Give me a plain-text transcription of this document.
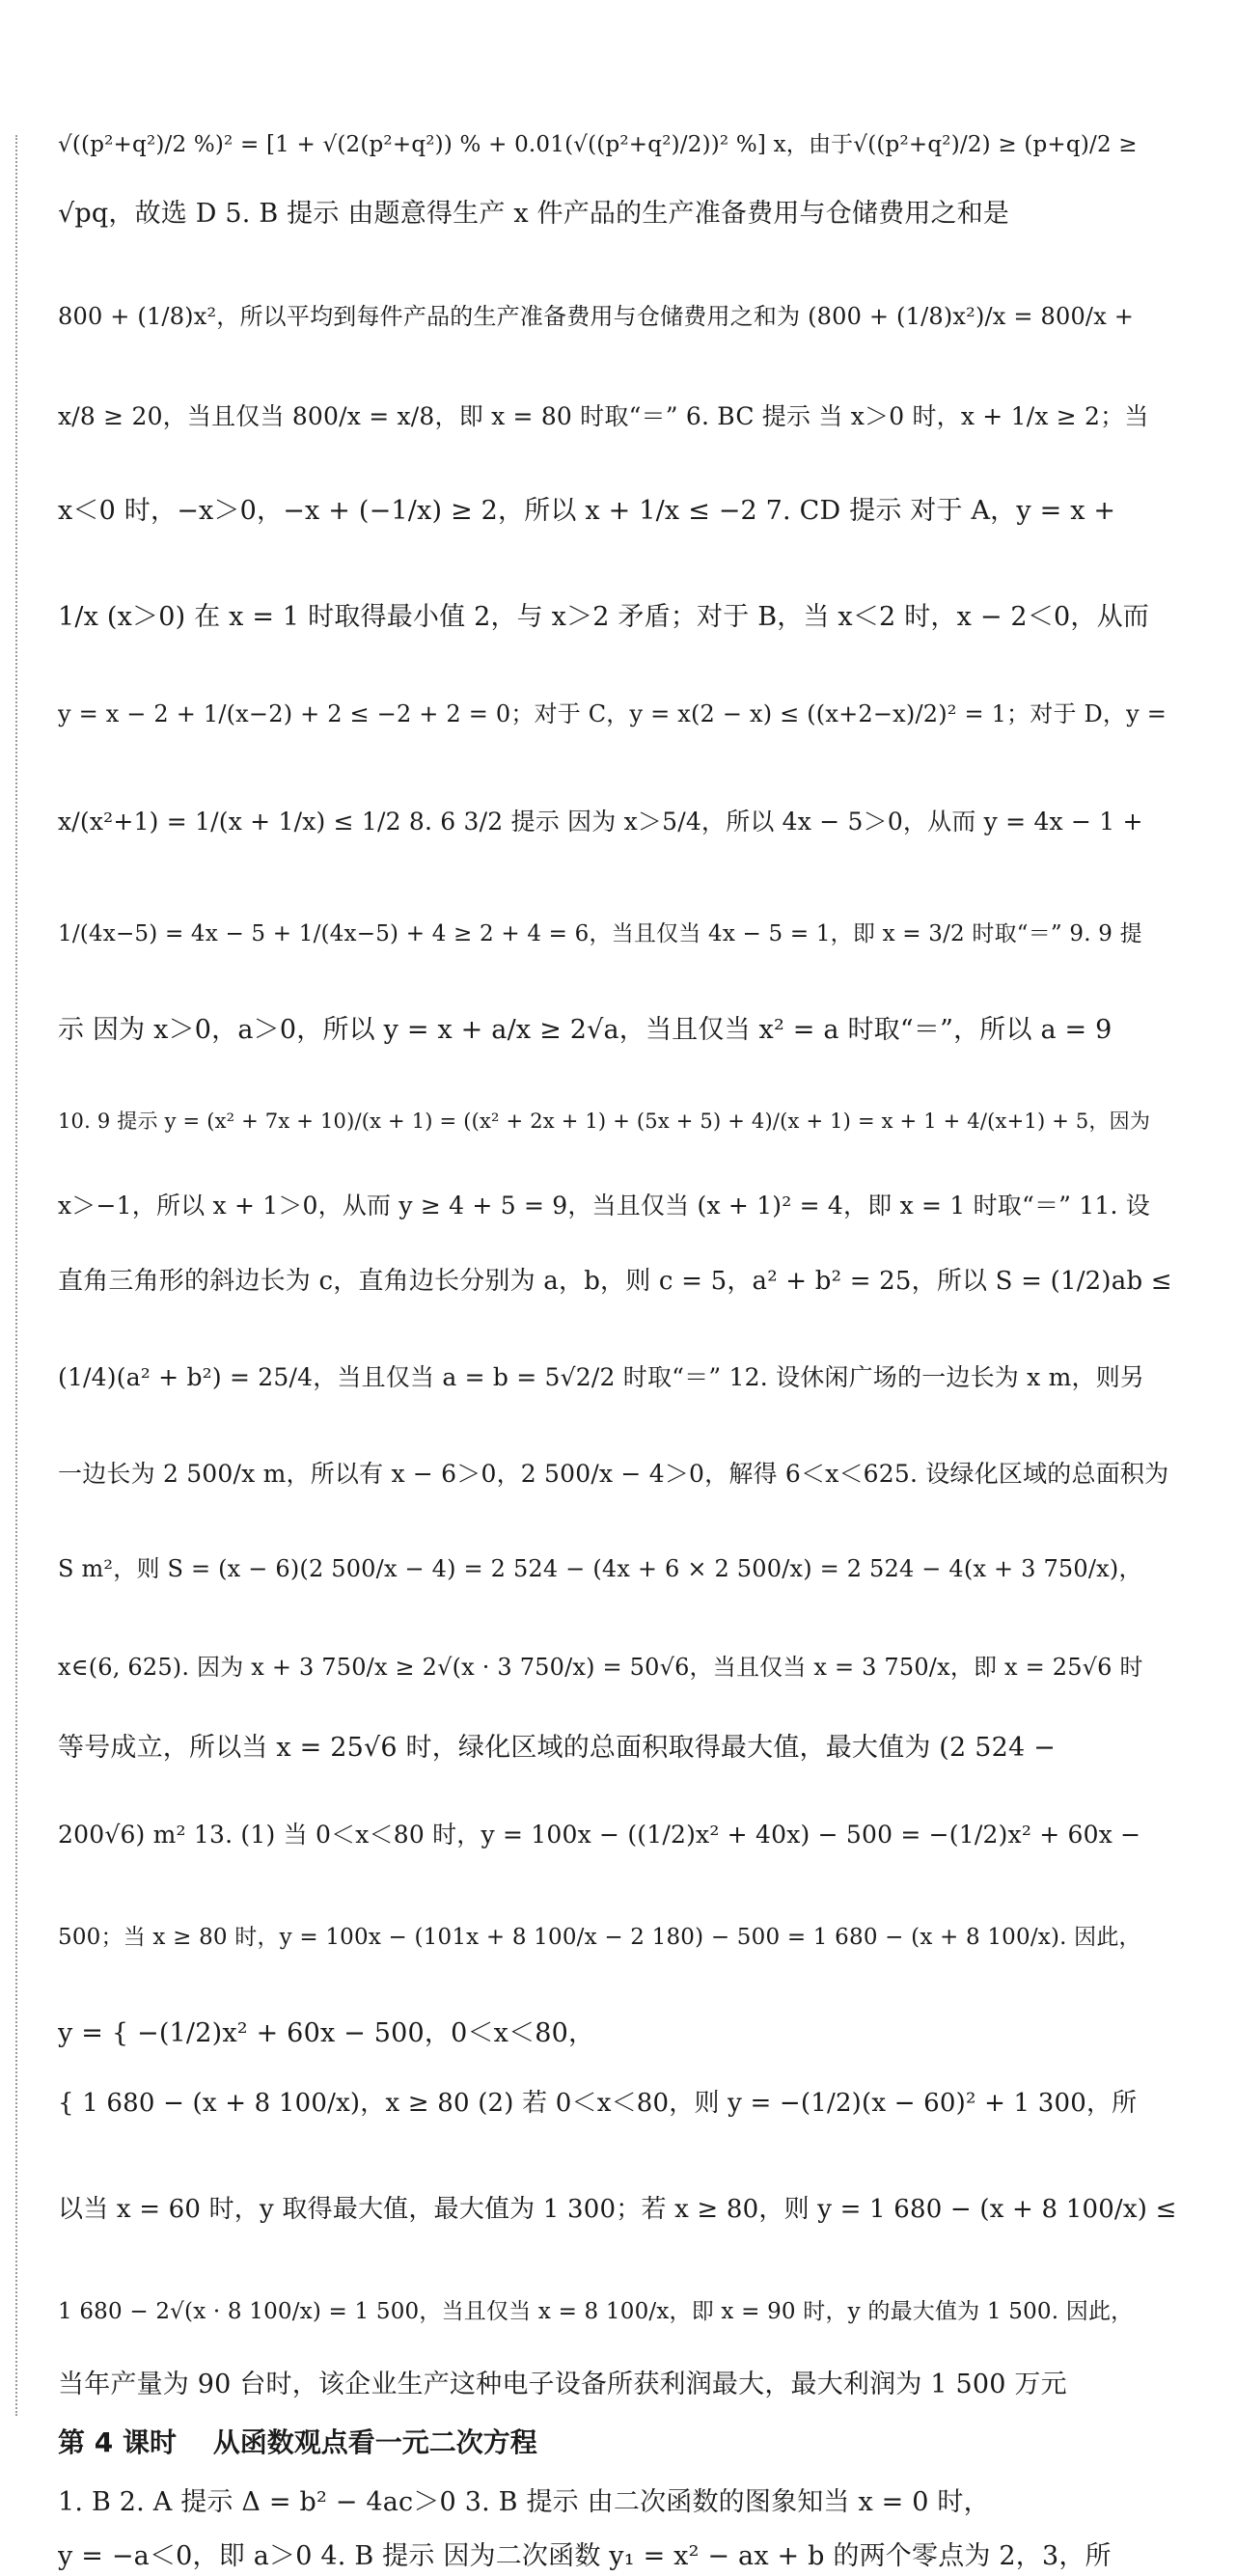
√((p²+q²)/2 %)² = [1 + √(2(p²+q²)) % + 0.01(√((p²+q²)/2))² %] x，由于√((p²+q²)/2) ≥ (p+q)/2 ≥
√pq，故选 D 5. B 提示 由题意得生产 x 件产品的生产准备费用与仓储费用之和是
800 + (1/8)x²，所以平均到每件产品的生产准备费用与仓储费用之和为 (800 + (1/8)x²)/x = 800/x +
x/8 ≥ 20，当且仅当 800/x = x/8，即 x = 80 时取“＝” 6. BC 提示 当 x＞0 时，x + 1/x ≥ 2；当
x＜0 时，−x＞0，−x + (−1/x) ≥ 2，所以 x + 1/x ≤ −2 7. CD 提示 对于 A，y = x +
1/x (x＞0) 在 x = 1 时取得最小值 2，与 x＞2 矛盾；对于 B，当 x＜2 时，x − 2＜0，从而
y = x − 2 + 1/(x−2) + 2 ≤ −2 + 2 = 0；对于 C，y = x(2 − x) ≤ ((x+2−x)/2)² = 1；对于 D，y =
x/(x²+1) = 1/(x + 1/x) ≤ 1/2 8. 6 3/2 提示 因为 x＞5/4，所以 4x − 5＞0，从而 y = 4x − 1 +
1/(4x−5) = 4x − 5 + 1/(4x−5) + 4 ≥ 2 + 4 = 6，当且仅当 4x − 5 = 1，即 x = 3/2 时取“＝” 9. 9 提
示 因为 x＞0，a＞0，所以 y = x + a/x ≥ 2√a，当且仅当 x² = a 时取“＝”，所以 a = 9
10. 9 提示 y = (x² + 7x + 10)/(x + 1) = ((x² + 2x + 1) + (5x + 5) + 4)/(x + 1) = x + 1 + 4/(x+1) + 5，因为
x＞−1，所以 x + 1＞0，从而 y ≥ 4 + 5 = 9，当且仅当 (x + 1)² = 4，即 x = 1 时取“＝” 11. 设
直角三角形的斜边长为 c，直角边长分别为 a，b，则 c = 5，a² + b² = 25，所以 S = (1/2)ab ≤
(1/4)(a² + b²) = 25/4，当且仅当 a = b = 5√2/2 时取“＝” 12. 设休闲广场的一边长为 x m，则另
一边长为 2 500/x m，所以有 x − 6＞0，2 500/x − 4＞0，解得 6＜x＜625. 设绿化区域的总面积为
S m²，则 S = (x − 6)(2 500/x − 4) = 2 524 − (4x + 6 × 2 500/x) = 2 524 − 4(x + 3 750/x)，
x∈(6, 625). 因为 x + 3 750/x ≥ 2√(x · 3 750/x) = 50√6，当且仅当 x = 3 750/x，即 x = 25√6 时
等号成立，所以当 x = 25√6 时，绿化区域的总面积取得最大值，最大值为 (2 524 −
200√6) m² 13. (1) 当 0＜x＜80 时，y = 100x − ((1/2)x² + 40x) − 500 = −(1/2)x² + 60x −
500；当 x ≥ 80 时，y = 100x − (101x + 8 100/x − 2 180) − 500 = 1 680 − (x + 8 100/x). 因此，
y = { −(1/2)x² + 60x − 500，0＜x＜80，
{ 1 680 − (x + 8 100/x)，x ≥ 80 (2) 若 0＜x＜80，则 y = −(1/2)(x − 60)² + 1 300，所
以当 x = 60 时，y 取得最大值，最大值为 1 300；若 x ≥ 80，则 y = 1 680 − (x + 8 100/x) ≤
1 680 − 2√(x · 8 100/x) = 1 500，当且仅当 x = 8 100/x，即 x = 90 时，y 的最大值为 1 500. 因此，
当年产量为 90 台时，该企业生产这种电子设备所获利润最大，最大利润为 1 500 万元
第 4 课时 从函数观点看一元二次方程
1. B 2. A 提示 Δ = b² − 4ac＞0 3. B 提示 由二次函数的图象知当 x = 0 时，
y = −a＜0，即 a＞0 4. B 提示 因为二次函数 y₁ = x² − ax + b 的两个零点为 2，3，所
